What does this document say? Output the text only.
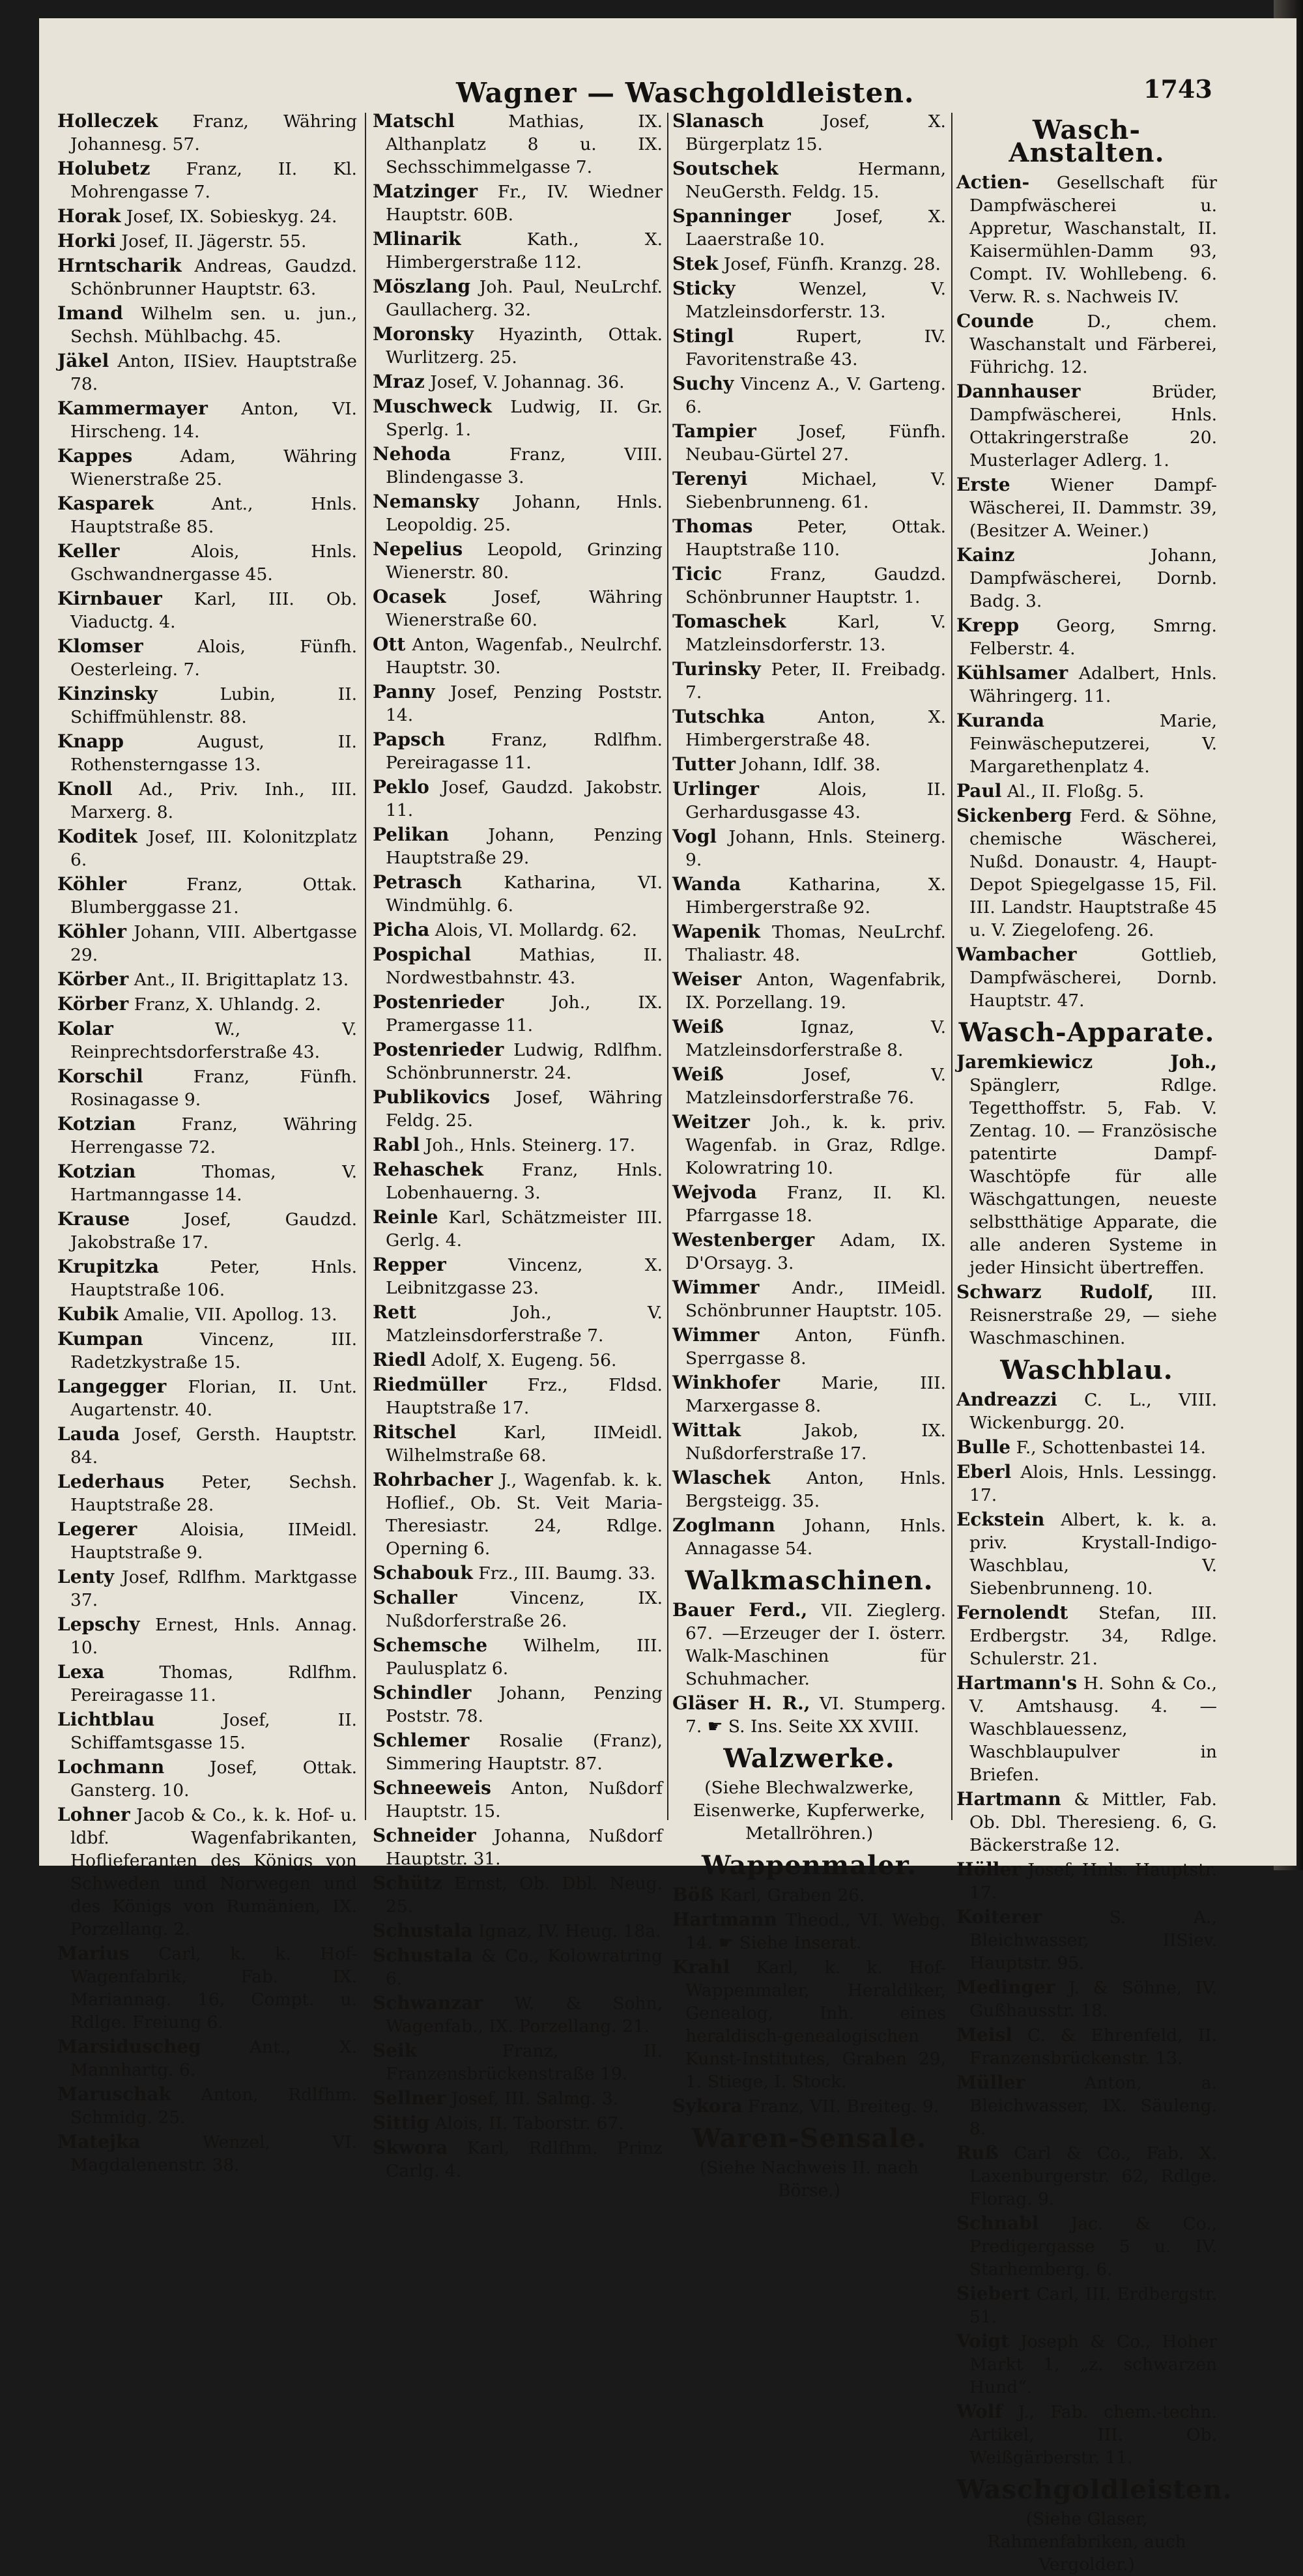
Wagner — Waschgoldleisten.	1743
Holleczek Franz, Währing Johannesg. 57.
Holubetz Franz, II. Kl. Mohrengasse 7.
Horak Josef, IX. Sobieskyg. 24.
Horki Josef, II. Jägerstr. 55.
Hrntscharik Andreas, Gaudzd. Schönbrunner Hauptstr. 63.
Imand Wilhelm sen. u. jun., Sechsh. Mühlbachg. 45.
Jäkel Anton, IISiev. Hauptstraße 78.
Kammermayer Anton, VI. Hirscheng. 14.
Kappes	Adam, Währing Wienerstraße 25.
Kasparek	Ant., Hnls. Hauptstraße 85.
Keller	Alois, Hnls. Gschwandnergasse 45.
Kirnbauer Karl, III. Ob. Viaductg. 4.
Klomser	Alois, Fünfh. Oesterleing. 7.
Kinzinsky	Lubin, II. Schiffmühlenstr. 88.
Knapp	August, II. Rothensterngasse 13.
Knoll Ad., Priv. Inh., III. Marxerg. 8.
Koditek Josef, III. Kolonitzplatz 6.
Köhler	Franz, Ottak. Blumberggasse 21.
Köhler Johann, VIII. Albertgasse 29.
Körber Ant., II. Brigittaplatz 13.
Körber Franz, X. Uhlandg. 2.
Kolar	W., V. Reinprechtsdorferstraße 43.
Korschil	Franz, Fünfh. Rosinagasse 9.
Kotzian	Franz, Währing Herrengasse 72.
Kotzian	Thomas, V. Hartmanngasse 14.
Krause	Josef, Gaudzd. Jakobstraße 17.
Krupitzka	Peter, Hnls. Hauptstraße 106.
Kubik Amalie, VII. Apollog. 13.
Kumpan	Vincenz, III. Radetzkystraße 15.
Langegger Florian, II. Unt. Augartenstr. 40.
Lauda Josef, Gersth. Hauptstr. 84.
Lederhaus Peter, Sechsh. Hauptstraße 28.
Legerer	Aloisia, IIMeidl. Hauptstraße 9.
Lenty Josef, Rdlfhm. Marktgasse 37.
Lepschy Ernest, Hnls. Annag. 10.
Lexa	Thomas, Rdlfhm. Pereiragasse 11.
Lichtblau	Josef, II. Schiffamtsgasse 15.
Lochmann	Josef, Ottak. Gansterg. 10.
Lohner Jacob & Co., k. k. Hof- u. ldbf. Wagenfabrikanten, Hoflieferanten des Königs von Schweden und Norwegen und des Königs von Rumänien, IX. Porzellang. 2.
Marius Carl, k. k. Hof-Wagenfabrik, Fab. IX. Mariannag. 16, Compt. u. Rdlge. Freiung 6.
Marsiduscheg	Ant., X. Mannhartg. 6.
Maruschak Anton, Rdlfhm. Schmidg. 25.
Matejka	Wenzel, VI. Magdalenenstr. 38.
Matschl	Mathias, IX. Althanplatz 8 u. IX. Sechsschimmelgasse 7.
Matzinger Fr., IV. Wiedner Hauptstr. 60B.
Mlinarik	Kath., X. Himbergerstraße 112.
Möszlang Joh. Paul, NeuLrchf. Gaullacherg. 32.
Moronsky Hyazinth, Ottak. Wurlitzerg. 25.
Mraz Josef, V. Johannag. 36.
Muschweck Ludwig, II. Gr. Sperlg. 1.
Nehoda	Franz, VIII. Blindengasse 3.
Nemansky Johann, Hnls. Leopoldig. 25.
Nepelius Leopold, Grinzing Wienerstr. 80.
Ocasek	Josef, Währing Wienerstraße 60.
Ott Anton, Wagenfab., Neulrchf. Hauptstr. 30.
Panny Josef, Penzing Poststr. 14.
Papsch	Franz, Rdlfhm. Pereiragasse 11.
Peklo Josef, Gaudzd. Jakobstr. 11.
Pelikan Johann, Penzing Hauptstraße 29.
Petrasch Katharina, VI. Windmühlg. 6.
Picha Alois, VI. Mollardg. 62.
Pospichal	Mathias, II. Nordwestbahnstr. 43.
Postenrieder	Joh., IX. Pramergasse 11.
Postenrieder Ludwig, Rdlfhm. Schönbrunnerstr. 24.
Publikovics Josef, Währing Feldg. 25.
Rabl Joh., Hnls. Steinerg. 17.
Rehaschek Franz, Hnls. Lobenhauerng. 3.
Reinle Karl, Schätzmeister III. Gerlg. 4.
Repper	Vincenz, X. Leibnitzgasse 23.
Rett	Joh., V. Matzleinsdorferstraße 7.
Riedl Adolf, X. Eugeng. 56.
Riedmüller Frz., Fldsd. Hauptstraße 17.
Ritschel	Karl, IIMeidl. Wilhelmstraße 68.
Rohrbacher J., Wagenfab. k. k. Hoflief., Ob. St. Veit Maria-Theresiastr. 24, Rdlge. Operning 6.
Schabouk Frz., III. Baumg. 33.
Schaller	Vincenz, IX. Nußdorferstraße 26.
Schemsche Wilhelm, III. Paulusplatz 6.
Schindler Johann, Penzing Poststr. 78.
Schlemer Rosalie (Franz), Simmering Hauptstr. 87.
Schneeweis Anton, Nußdorf Hauptstr. 15.
Schneider Johanna, Nußdorf Hauptstr. 31.
Schütz Ernst, Ob. Dbl. Neug. 25.
Schustala Ignaz, IV. Heug. 18a.
Schustala & Co., Kolowratring 6.
Schwanzar W. & Sohn, Wagenfab., IX. Porzellang. 21.
Seik	Franz, II. Franzensbrückenstraße 19.
Sellner Josef, III. Salmg. 3.
Sittig Alois, II. Taborstr. 67.
Skwora Karl, Rdlfhm. Prinz Carlg. 4.
Slanasch	Josef, X. Bürgerplatz 15.
Soutschek	Hermann, NeuGersth. Feldg. 15.
Spanninger	Josef, X. Laaerstraße 10.
Stek Josef, Fünfh. Kranzg. 28.
Sticky	Wenzel, V. Matzleinsdorferstr. 13.
Stingl	Rupert, IV. Favoritenstraße 43.
Suchy Vincenz A., V. Garteng. 6.
Tampier Josef, Fünfh. Neubau-Gürtel 27.
Terenyi	Michael, V. Siebenbrunneng. 61.
Thomas	Peter, Ottak. Hauptstraße 110.
Ticic	Franz, Gaudzd. Schönbrunner Hauptstr. 1.
Tomaschek	Karl, V. Matzleinsdorferstr. 13.
Turinsky Peter, II. Freibadg. 7.
Tutschka	Anton, X. Himbergerstraße 48.
Tutter Johann, Idlf. 38.
Urlinger	Alois, II. Gerhardusgasse 43.
Vogl Johann, Hnls. Steinerg. 9.
Wanda	Katharina, X. Himbergerstraße 92.
Wapenik Thomas, NeuLrchf. Thaliastr. 48.
Weiser Anton, Wagenfabrik, IX. Porzellang. 19.
Weiß	Ignaz, V. Matzleinsdorferstraße 8.
Weiß	Josef, V. Matzleinsdorferstraße 76.
Weitzer Joh., k. k. priv. Wagenfab. in Graz, Rdlge. Kolowratring 10.
Wejvoda Franz, II. Kl. Pfarrgasse 18.
Westenberger Adam, IX. D'Orsayg. 3.
Wimmer Andr., IIMeidl. Schönbrunner Hauptstr. 105.
Wimmer Anton, Fünfh. Sperrgasse 8.
Winkhofer Marie, III. Marxergasse 8.
Wittak	Jakob, IX. Nußdorferstraße 17.
Wlaschek Anton, Hnls. Bergsteigg. 35.
Zoglmann Johann, Hnls. Annagasse 54.
Walkmaschinen.
Bauer Ferd., VII. Zieglerg. 67. —Erzeuger der I. österr. Walk-Maschinen für Schuhmacher.
Gläser H. R., VI. Stumperg. 7. ☛ S. Ins. Seite XX XVIII.
Walzwerke.
(Siehe Blechwalzwerke, Eisenwerke, Kupferwerke, Metallröhren.)
Wappenmaler.
Böß Karl, Graben 26.
Hartmann Theod., VI. Webg. 14. ☛ Siehe Inserat.
Krahl Karl, k. k. Hof-Wappenmaler, Heraldiker, Genealog, Inh. eines heraldisch-genealogischen Kunst-Institutes, Graben 29, 1. Stiege, I. Stock.
Sykora Franz, VII. Breiteg. 9.
Waren-Sensale.
(Siehe Nachweis II. nach Börse.)
Wasch-Anstalten.
Actien- Gesellschaft für Dampfwäscherei u. Appretur, Waschanstalt, II. Kaisermühlen-Damm 93, Compt. IV. Wohllebeng. 6. Verw. R. s. Nachweis IV.
Counde	D., chem. Waschanstalt und Färberei, Führichg. 12.
Dannhauser	Brüder, Dampfwäscherei, Hnls. Ottakringerstraße 20. Musterlager Adlerg. 1.
Erste Wiener Dampf-Wäscherei, II. Dammstr. 39, (Besitzer A. Weiner.)
Kainz	Johann, Dampfwäscherei, Dornb. Badg. 3.
Krepp Georg, Smrng. Felberstr. 4.
Kühlsamer Adalbert, Hnls. Währingerg. 11.
Kuranda	Marie, Feinwäscheputzerei, V. Margarethenplatz 4.
Paul Al., II. Floßg. 5.
Sickenberg Ferd. & Söhne, chemische Wäscherei, Nußd. Donaustr. 4, Haupt-Depot Spiegelgasse 15, Fil. III. Landstr. Hauptstraße 45 u. V. Ziegelofeng. 26.
Wambacher	Gottlieb, Dampfwäscherei, Dornb. Hauptstr. 47.
Wasch-Apparate.
Jaremkiewicz Joh., Spänglerr, Rdlge. Tegetthoffstr. 5, Fab. V. Zentag. 10. — Französische patentirte Dampf-Waschtöpfe für alle Wäschgattungen, neueste selbstthätige Apparate, die alle anderen Systeme in jeder Hinsicht übertreffen.
Schwarz Rudolf, III. Reisnerstraße 29, — siehe Waschmaschinen.
Waschblau.
Andreazzi C. L., VIII. Wickenburgg. 20.
Bulle F., Schottenbastei 14.
Eberl Alois, Hnls. Lessingg. 17.
Eckstein Albert, k. k. a. priv. Krystall-Indigo-Waschblau, V. Siebenbrunneng. 10.
Fernolendt Stefan, III. Erdbergstr. 34, Rdlge. Schulerstr. 21.
Hartmann's H. Sohn & Co., V. Amtshausg. 4. — Waschblauessenz, Waschblaupulver in Briefen.
Hartmann & Mittler, Fab. Ob. Dbl. Theresieng. 6, G. Bäckerstraße 12.
Höller Josef, Hnls. Hauptstr. 17.
Koiterer	S. A., Bleichwasser, IISiev. Hauptstr. 95.
Medinger J. & Söhne, IV. Gußhausstr. 18.
Meisl C. & Ehrenfeld, II. Franzensbrückenstr. 13.
Müller	Anton, a. Bleichwasser, IX. Säuleng. 8.
Ruß Carl & Co., Fab. X. Laxenburgerstr. 62, Rdlge. Florag. 9.
Schnabl Jac. & Co., Predigergasse 5 u. IV. Starhemberg. 6.
Siebert Carl, III. Erdbergstr. 51.
Voigt Joseph & Co., Hoher Markt 1, „z. schwarzen Hund“.
Wolf J., Fab. chem.-techn. Artikel, III. Ob. Weißgärberstr. 11.
Waschgoldleisten.
(Siehe Glaser, Rahmenfabriken, auch Vergolder.)
